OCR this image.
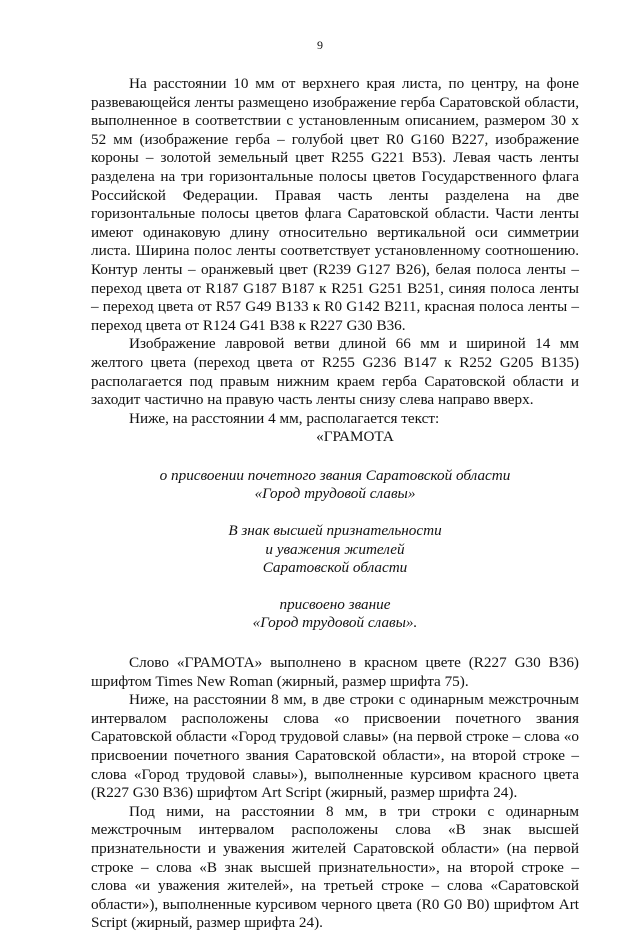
9

На расстоянии 10 мм от верхнего края листа, по центру, на фоне развевающейся ленты размещено изображение герба Саратовской области, выполненное в соответствии с установленным описанием, размером 30 х 52 мм (изображение герба – голубой цвет R0 G160 B227, изображение короны – золотой земельный цвет R255 G221 B53). Левая часть ленты разделена на три горизонтальные полосы цветов Государственного флага Российской Федерации. Правая часть ленты разделена на две горизонтальные полосы цветов флага Саратовской области. Части ленты имеют одинаковую длину относительно вертикальной оси симметрии листа. Ширина полос ленты соответствует установленному соотношению. Контур ленты – оранжевый цвет (R239 G127 B26), белая полоса ленты – переход цвета от R187 G187 B187 к R251 G251 B251, синяя полоса ленты – переход цвета от R57 G49 B133 к R0 G142 B211, красная полоса ленты – переход цвета от R124 G41 B38 к R227 G30 B36.

Изображение лавровой ветви длиной 66 мм и шириной 14 мм желтого цвета (переход цвета от R255 G236 B147 к R252 G205 B135) располагается под правым нижним краем герба Саратовской области и заходит частично на правую часть ленты снизу слева направо вверх.

Ниже, на расстоянии 4 мм, располагается текст:

«ГРАМОТА

о присвоении почетного звания Саратовской области

«Город трудовой славы»

В знак высшей признательности

и уважения жителей

Саратовской области

присвоено звание

«Город трудовой славы».

Слово «ГРАМОТА» выполнено в красном цвете (R227 G30 B36) шрифтом Times New Roman (жирный, размер шрифта 75).

Ниже, на расстоянии 8 мм, в две строки с одинарным межстрочным интервалом расположены слова «о присвоении почетного звания Саратовской области «Город трудовой славы» (на первой строке – слова «о присвоении почетного звания Саратовской области», на второй строке – слова «Город трудовой славы»), выполненные курсивом красного цвета (R227 G30 B36) шрифтом Art Script (жирный, размер шрифта 24).

Под ними, на расстоянии 8 мм, в три строки с одинарным межстрочным интервалом расположены слова «В знак высшей признательности и уважения жителей Саратовской области» (на первой строке – слова «В знак высшей признательности», на второй строке – слова «и уважения жителей», на третьей строке – слова «Саратовской области»), выполненные курсивом черного цвета (R0 G0 B0) шрифтом Art Script (жирный, размер шрифта 24).
